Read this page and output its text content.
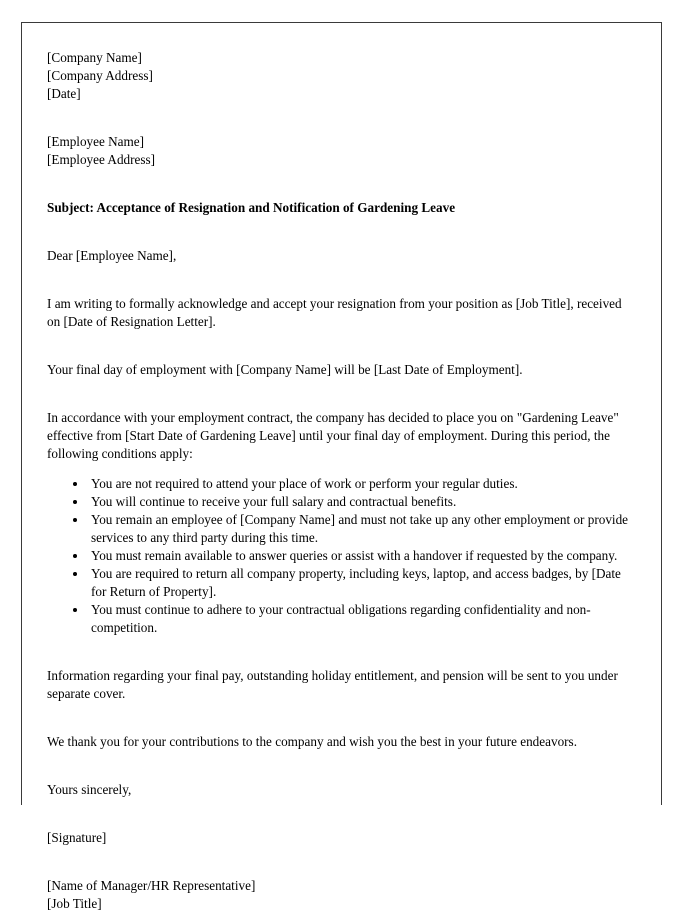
[Company Name]
[Company Address]
[Date]
[Employee Name]
[Employee Address]
Subject: Acceptance of Resignation and Notification of Gardening Leave

Dear [Employee Name],

I am writing to formally acknowledge and accept your resignation from your position as [Job Title], received on [Date of Resignation Letter].

Your final day of employment with [Company Name] will be [Last Date of Employment].

In accordance with your employment contract, the company has decided to place you on "Gardening Leave" effective from [Start Date of Gardening Leave] until your final day of employment. During this period, the following conditions apply:

• You are not required to attend your place of work or perform your regular duties.
• You will continue to receive your full salary and contractual benefits.
• You remain an employee of [Company Name] and must not take up any other employment or provide services to any third party during this time.
• You must remain available to answer queries or assist with a handover if requested by the company.
• You are required to return all company property, including keys, laptop, and access badges, by [Date for Return of Property].
• You must continue to adhere to your contractual obligations regarding confidentiality and non-competition.

Information regarding your final pay, outstanding holiday entitlement, and pension will be sent to you under separate cover.

We thank you for your contributions to the company and wish you the best in your future endeavors.

Yours sincerely,
[Signature]
[Name of Manager/HR Representative]
[Job Title]
